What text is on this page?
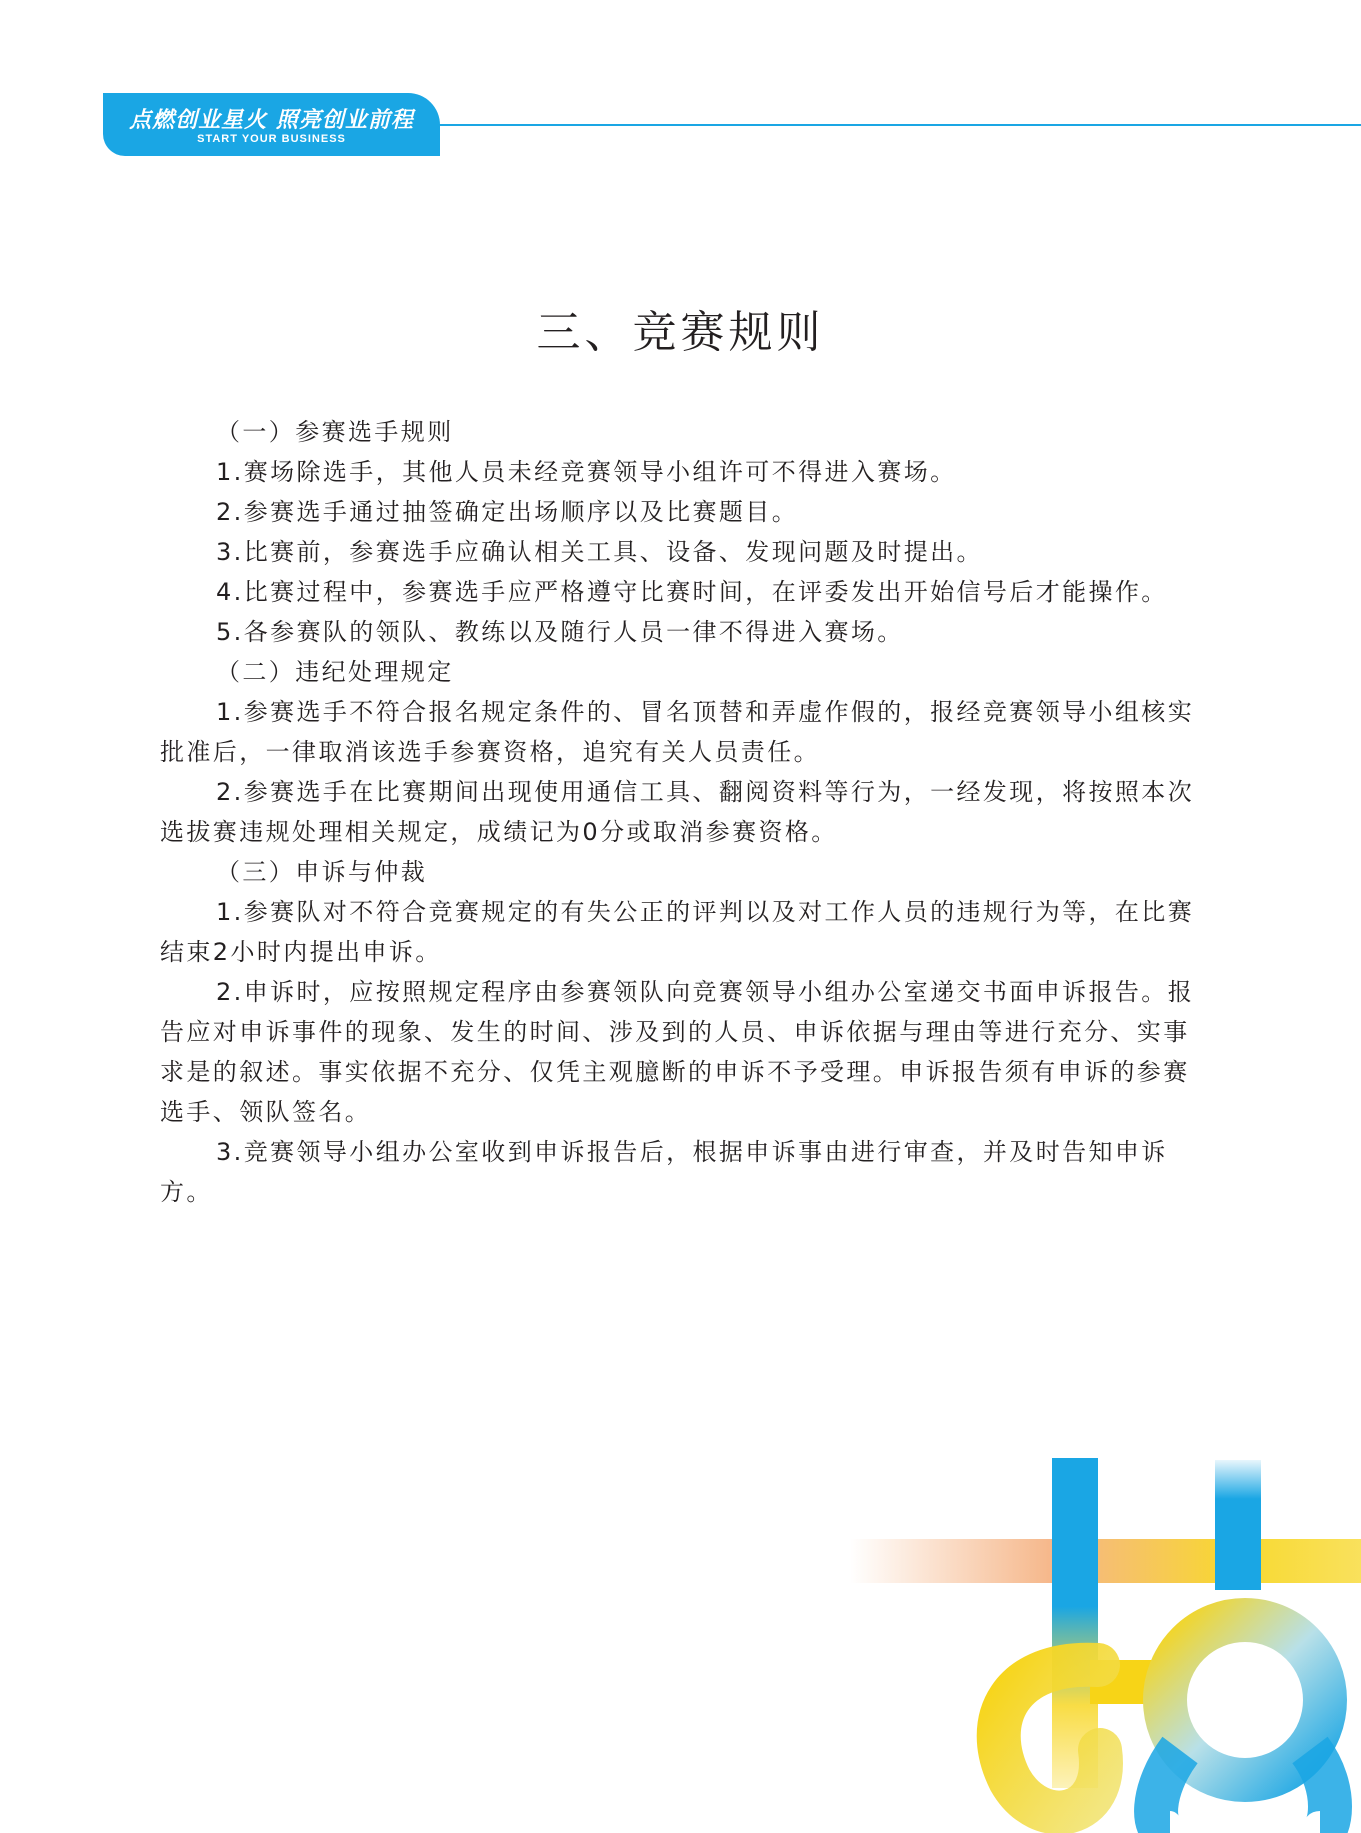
点燃创业星火 照亮创业前程
START YOUR BUSINESS
三、竞赛规则

（一）参赛选手规则

1.赛场除选手，其他人员未经竞赛领导小组许可不得进入赛场。

2.参赛选手通过抽签确定出场顺序以及比赛题目。

3.比赛前，参赛选手应确认相关工具、设备、发现问题及时提出。

4.比赛过程中，参赛选手应严格遵守比赛时间，在评委发出开始信号后才能操作。

5.各参赛队的领队、教练以及随行人员一律不得进入赛场。

（二）违纪处理规定

1.参赛选手不符合报名规定条件的、冒名顶替和弄虚作假的，报经竞赛领导小组核实批准后，一律取消该选手参赛资格，追究有关人员责任。

2.参赛选手在比赛期间出现使用通信工具、翻阅资料等行为，一经发现，将按照本次选拔赛违规处理相关规定，成绩记为0分或取消参赛资格。

（三）申诉与仲裁

1.参赛队对不符合竞赛规定的有失公正的评判以及对工作人员的违规行为等，在比赛结束2小时内提出申诉。

2.申诉时，应按照规定程序由参赛领队向竞赛领导小组办公室递交书面申诉报告。报告应对申诉事件的现象、发生的时间、涉及到的人员、申诉依据与理由等进行充分、实事求是的叙述。事实依据不充分、仅凭主观臆断的申诉不予受理。申诉报告须有申诉的参赛选手、领队签名。

3.竞赛领导小组办公室收到申诉报告后，根据申诉事由进行审查，并及时告知申诉方。
